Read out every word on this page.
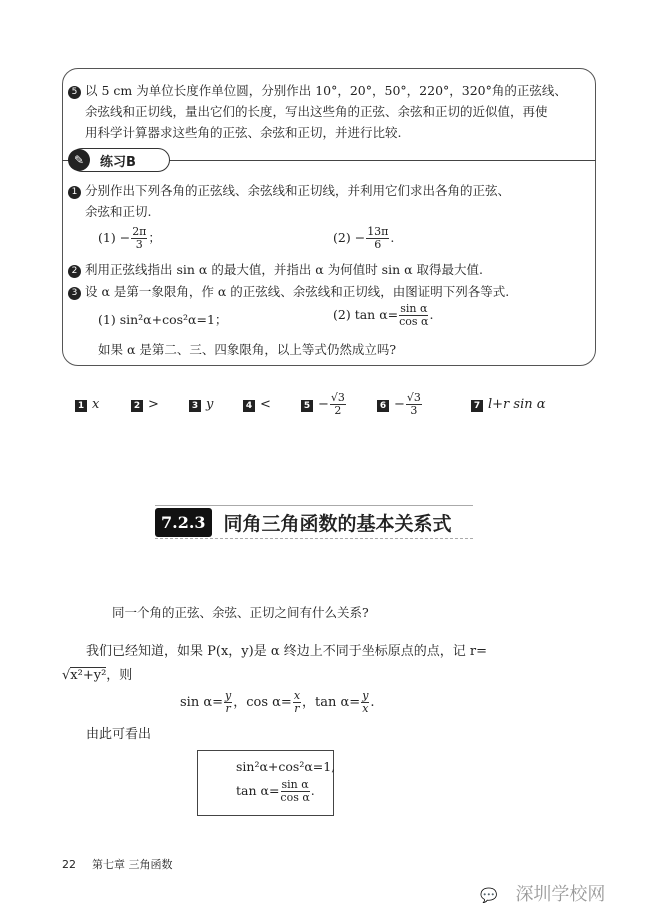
5 以 5 cm 为单位长度作单位圆，分别作出 10°，20°，50°，220°，320°角的正弦线、
余弦线和正切线，量出它们的长度，写出这些角的正弦、余弦和正切的近似值，再使
用科学计算器求这些角的正弦、余弦和正切，并进行比较.
✎	练习B
1 分别作出下列各角的正弦线、余弦线和正切线，并利用它们求出各角的正弦、
余弦和正切.
$(1) - \frac{2\pi}{3}$ ；	$(2) - \frac{13\pi}{6}$ .
2 利用正弦线指出 sin α 的最大值，并指出 α 为何值时 sin α 取得最大值.
3 设 α 是第一象限角，作 α 的正弦线、余弦线和正切线，由图证明下列各等式.
(1) sin²α+cos²α=1；	(2) $\tan \alpha= \frac{\text{sin α}}{\text{cos α}}$ .
如果 α 是第二、三、四象限角，以上等式仍然成立吗?
1 x	2 >	3 y	4 <	$5 - \frac{√3}{2}$	$6 - \frac{√3}{3}$	7 l+r sin α
7.2.3 同角三角函数的基本关系式
同一个角的正弦、余弦、正切之间有什么关系?
我们已经知道，如果 P(x，y)是 α 终边上不同于坐标原点的点，记 r=
√x²+y²，则
$\sin \alpha= \frac{y}{r}$ ，$\cos \alpha= \frac{x}{r}$ ，$\tan \alpha= \frac{y}{x}$ .
由此可看出
sin²α+cos²α=1,
$\tan \alpha= \frac{\text{sin α}}{\text{cos α}}$ .
22 第七章 三角函数
💬 深圳学校网
